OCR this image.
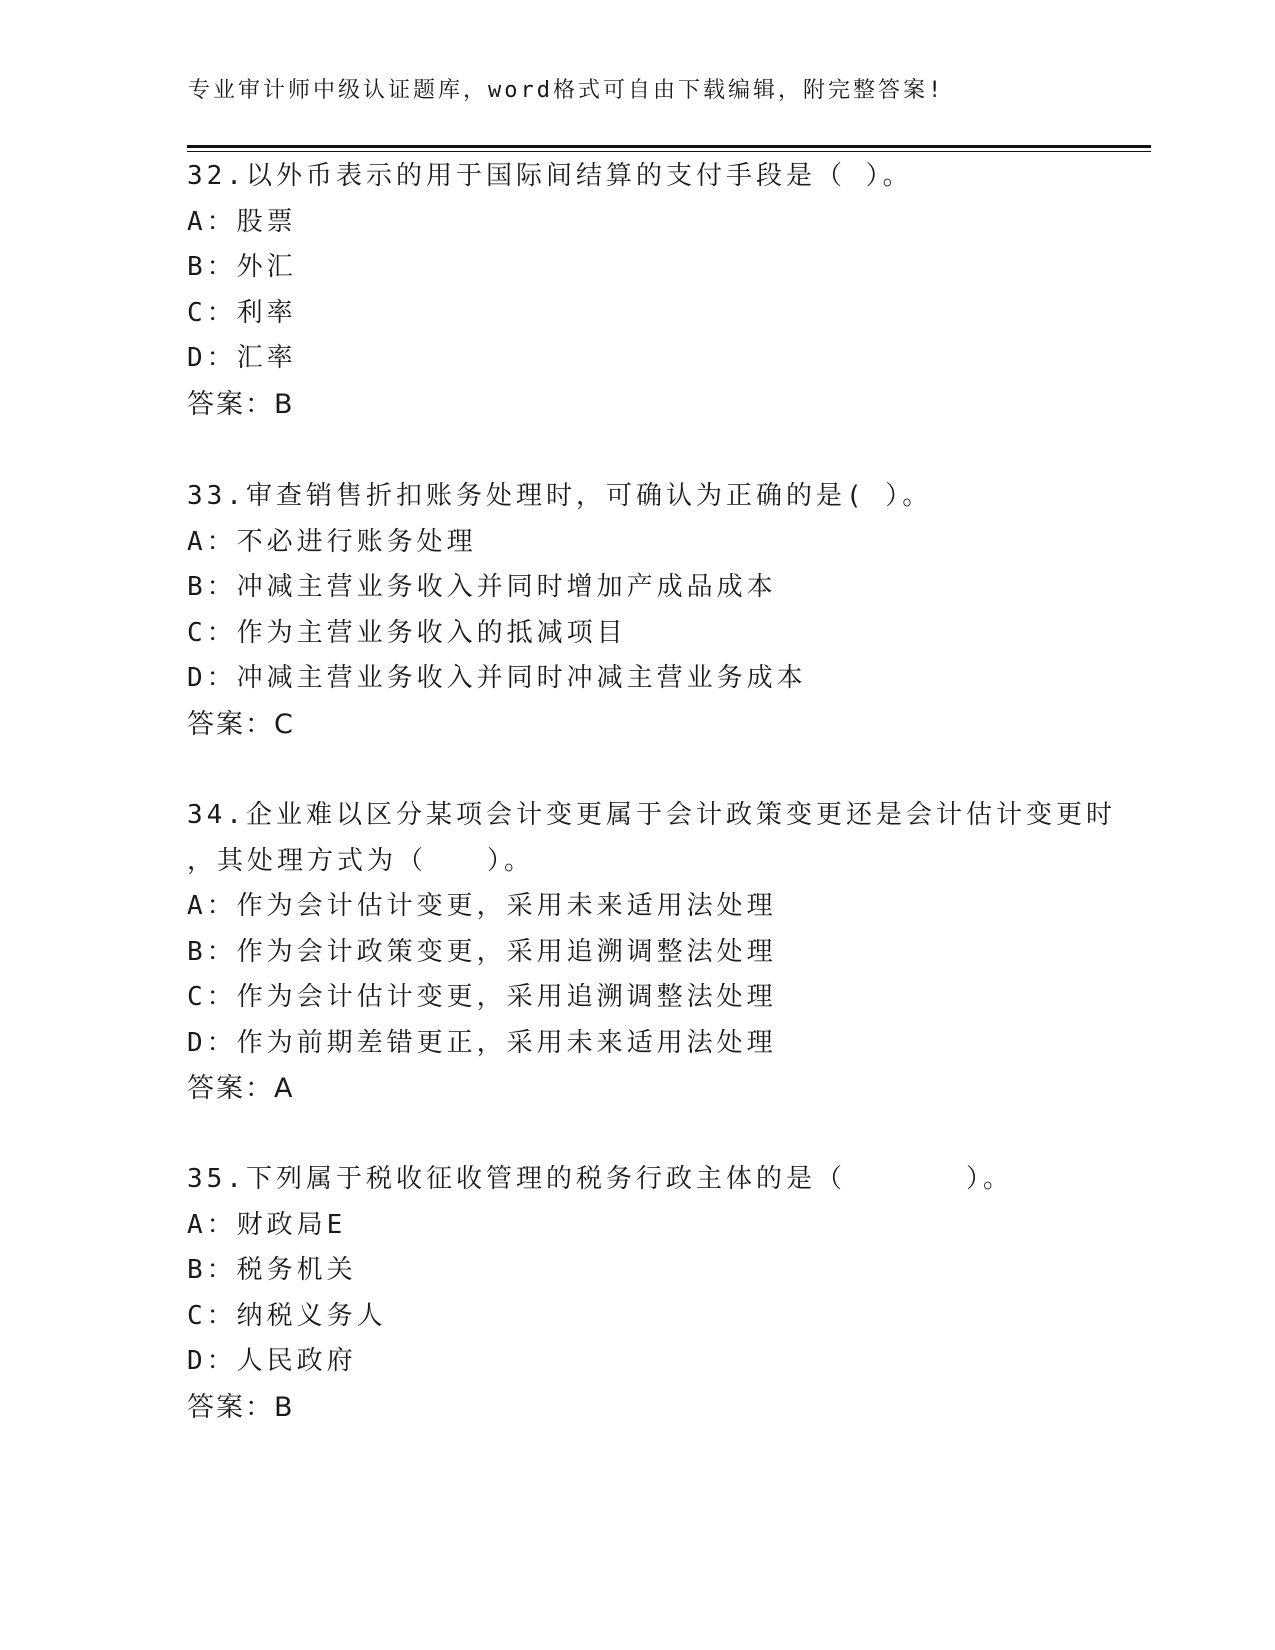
专业审计师中级认证题库，word格式可自由下载编辑，附完整答案!
32.以外币表示的用于国际间结算的支付手段是（ ）。
A：股票
B：外汇
C：利率
D：汇率
答案：B
33.审查销售折扣账务处理时，可确认为正确的是( ）。
A：不必进行账务处理
B：冲减主营业务收入并同时增加产成品成本
C：作为主营业务收入的抵减项目
D：冲减主营业务收入并同时冲减主营业务成本
答案：C
34.企业难以区分某项会计变更属于会计政策变更还是会计估计变更时
，其处理方式为（　　）。
A：作为会计估计变更，采用未来适用法处理
B：作为会计政策变更，采用追溯调整法处理
C：作为会计估计变更，采用追溯调整法处理
D：作为前期差错更正，采用未来适用法处理
答案：A
35.下列属于税收征收管理的税务行政主体的是（　　　　）。
A：财政局E
B：税务机关
C：纳税义务人
D：人民政府
答案：B
